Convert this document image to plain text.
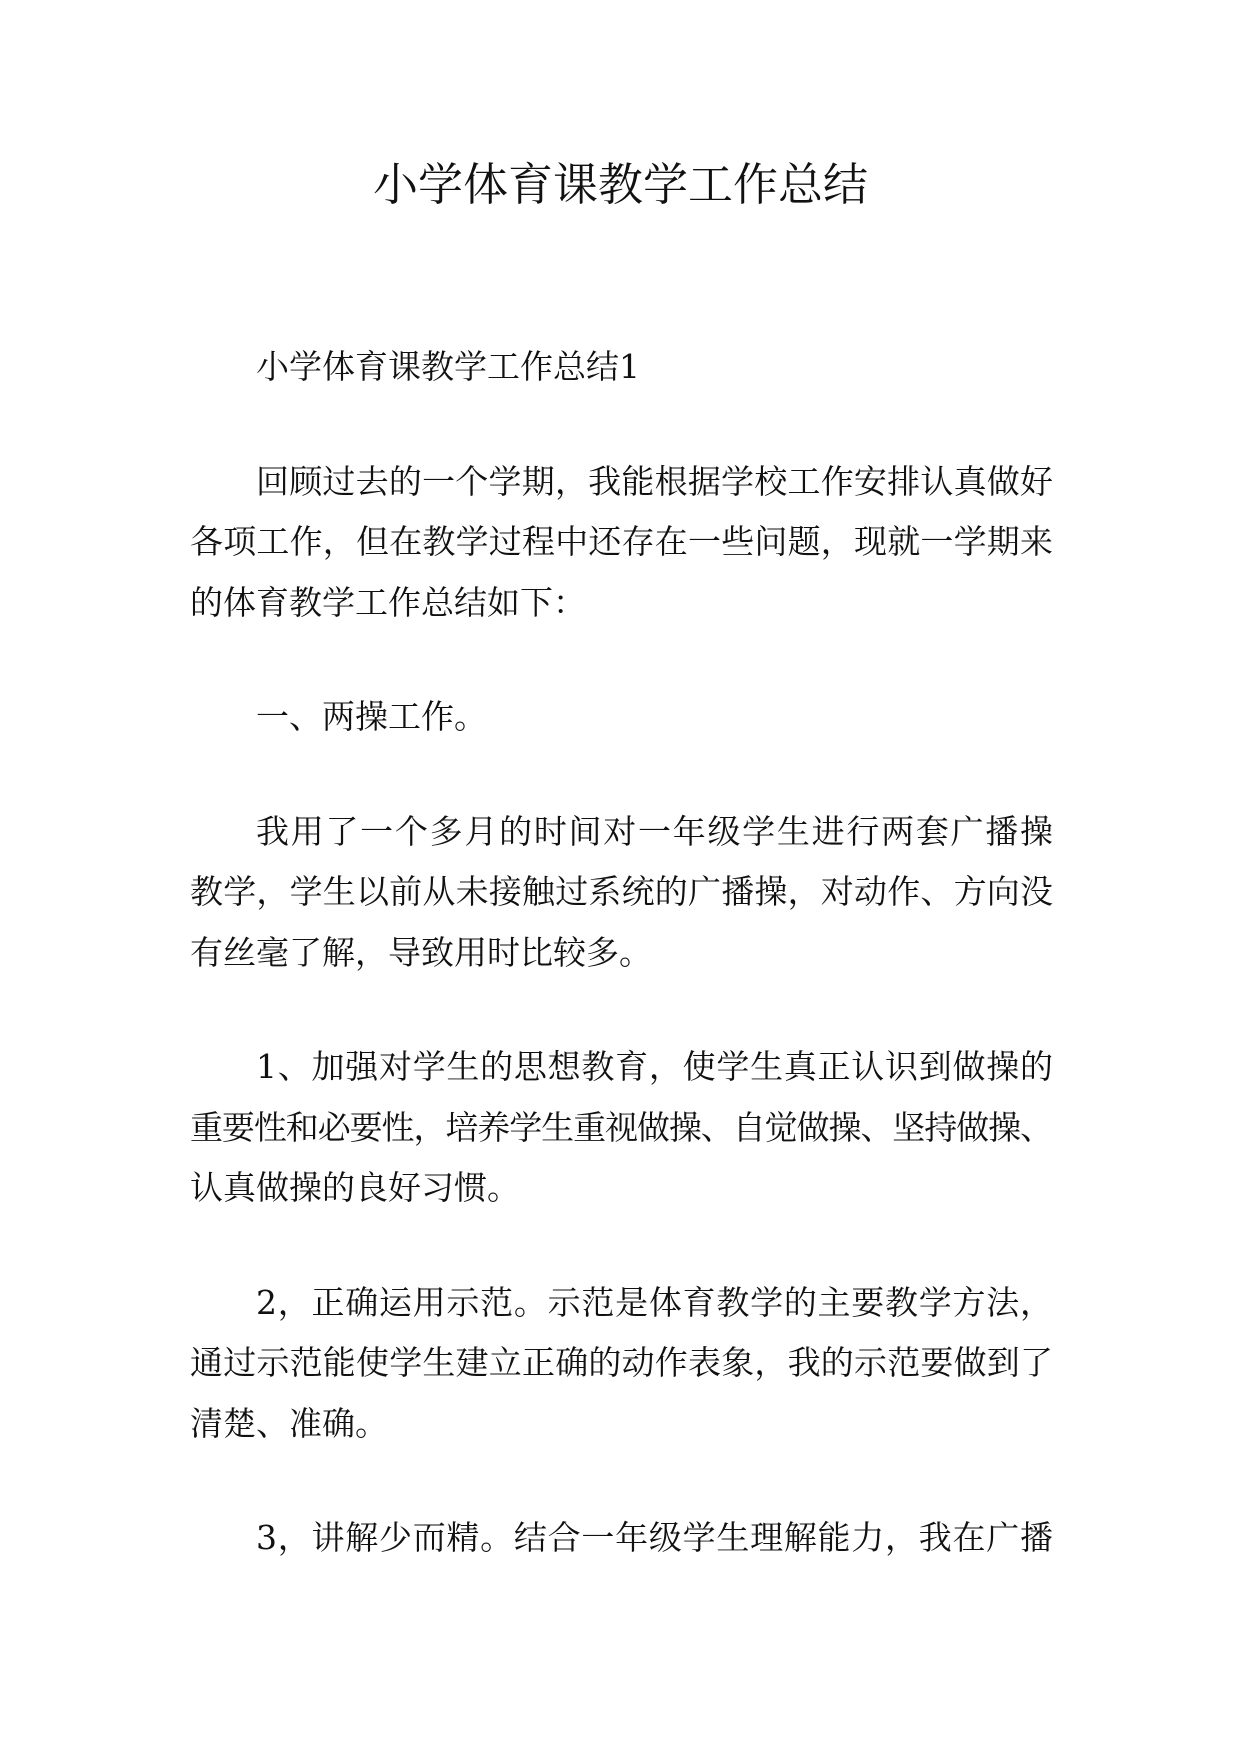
小学体育课教学工作总结
小学体育课教学工作总结1
回顾过去的一个学期，我能根据学校工作安排认真做好
各项工作，但在教学过程中还存在一些问题，现就一学期来
的体育教学工作总结如下：
一、两操工作。
我用了一个多月的时间对一年级学生进行两套广播操
教学，学生以前从未接触过系统的广播操，对动作、方向没
有丝毫了解，导致用时比较多。
1、加强对学生的思想教育，使学生真正认识到做操的
重要性和必要性，培养学生重视做操、自觉做操、坚持做操、
认真做操的良好习惯。
2，正确运用示范。示范是体育教学的主要教学方法，
通过示范能使学生建立正确的动作表象，我的示范要做到了
清楚、准确。
3，讲解少而精。结合一年级学生理解能力，我在广播
